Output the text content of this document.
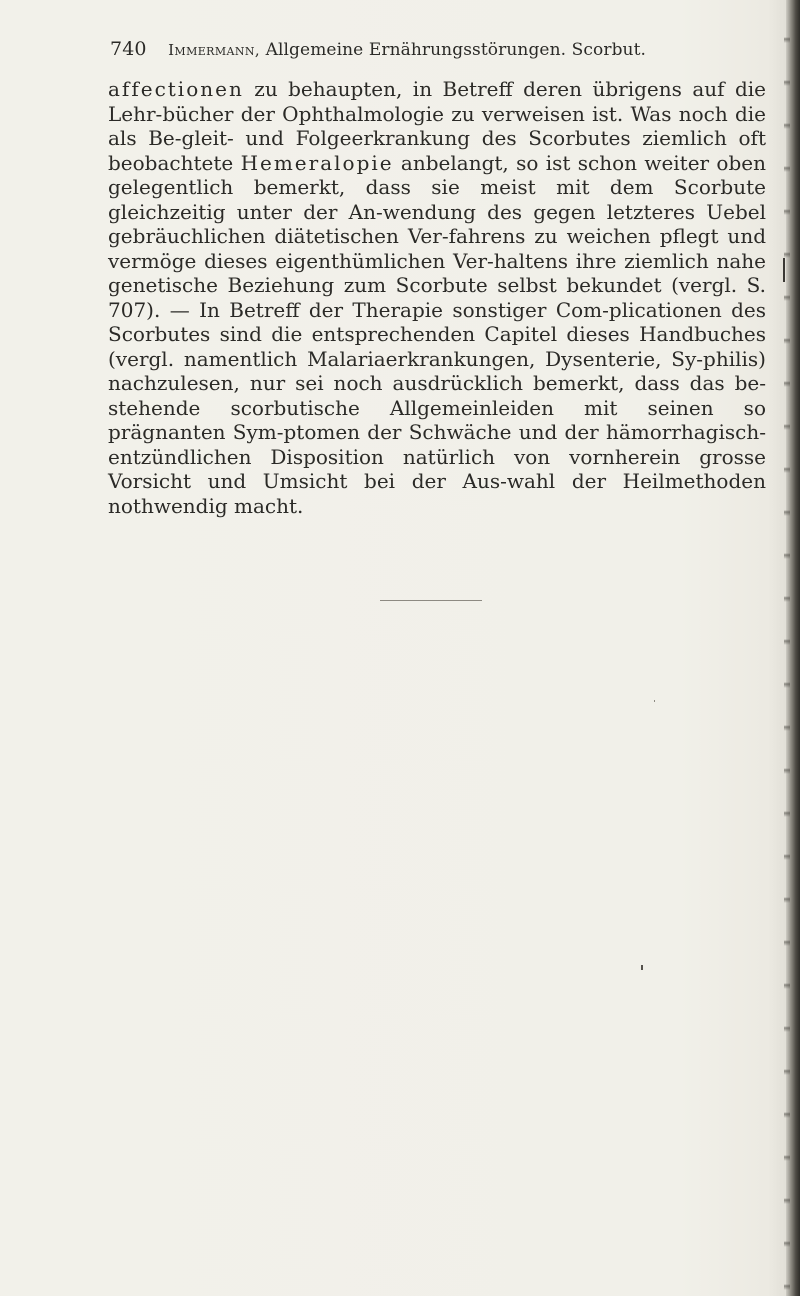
740 Immermann, Allgemeine Ernährungsstörungen. Scorbut.
affectionen zu behaupten, in Betreff deren übrigens auf die Lehr-bücher der Ophthalmologie zu verweisen ist. Was noch die als Be-gleit- und Folgeerkrankung des Scorbutes ziemlich oft beobachtete Hemeralopie anbelangt, so ist schon weiter oben gelegentlich bemerkt, dass sie meist mit dem Scorbute gleichzeitig unter der An-wendung des gegen letzteres Uebel gebräuchlichen diätetischen Ver-fahrens zu weichen pflegt und vermöge dieses eigenthümlichen Ver-haltens ihre ziemlich nahe genetische Beziehung zum Scorbute selbst bekundet (vergl. S. 707). — In Betreff der Therapie sonstiger Com-plicationen des Scorbutes sind die entsprechenden Capitel dieses Handbuches (vergl. namentlich Malariaerkrankungen, Dysenterie, Sy-philis) nachzulesen, nur sei noch ausdrücklich bemerkt, dass das be-stehende scorbutische Allgemeinleiden mit seinen so prägnanten Sym-ptomen der Schwäche und der hämorrhagisch-entzündlichen Disposition natürlich von vornherein grosse Vorsicht und Umsicht bei der Aus-wahl der Heilmethoden nothwendig macht.
